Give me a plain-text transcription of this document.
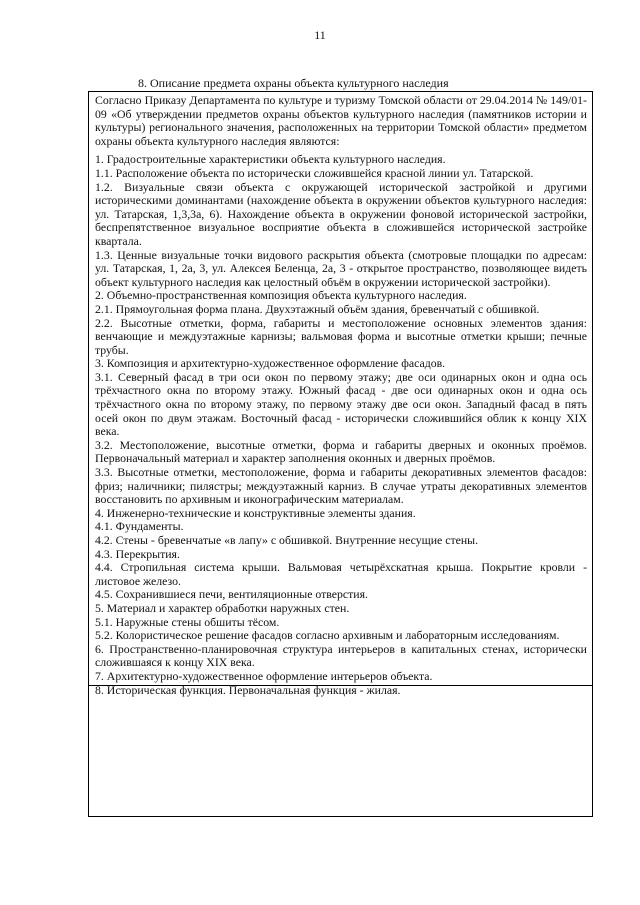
11
8. Описание предмета охраны объекта культурного наследия

Согласно Приказу Департамента по культуре и туризму Томской области от 29.04.2014 № 149/01-09 «Об утверждении предметов охраны объектов культурного наследия (памятников истории и культуры) регионального значения, расположенных на территории Томской области» предметом охраны объекта культурного наследия являются:

1. Градостроительные характеристики объекта культурного наследия.

1.1. Расположение объекта по исторически сложившейся красной линии ул. Татарской.

1.2. Визуальные связи объекта с окружающей исторической застройкой и другими историческими доминантами (нахождение объекта в окружении объектов культурного наследия: ул. Татарская, 1,3,3а, 6). Нахождение объекта в окружении фоновой исторической застройки, беспрепятственное визуальное восприятие объекта в сложившейся исторической застройке квартала.

1.3. Ценные визуальные точки видового раскрытия объекта (смотровые площадки по адресам: ул. Татарская, 1, 2а, 3, ул. Алексея Беленца, 2а, 3 - открытое пространство, позволяющее видеть объект культурного наследия как целостный объём в окружении исторической застройки).

2. Объемно-пространственная композиция объекта культурного наследия.

2.1. Прямоугольная форма плана. Двухэтажный объём здания, бревенчатый с обшивкой.

2.2. Высотные отметки, форма, габариты и местоположение основных элементов здания: венчающие и междуэтажные карнизы; вальмовая форма и высотные отметки крыши; печные трубы.

3. Композиция и архитектурно-художественное оформление фасадов.

3.1. Северный фасад в три оси окон по первому этажу; две оси одинарных окон и одна ось трёхчастного окна по второму этажу. Южный фасад - две оси одинарных окон и одна ось трёхчастного окна по второму этажу, по первому этажу две оси окон. Западный фасад в пять осей окон по двум этажам. Восточный фасад - исторически сложившийся облик к концу XIX века.

3.2. Местоположение, высотные отметки, форма и габариты дверных и оконных проёмов. Первоначальный материал и характер заполнения оконных и дверных проёмов.

3.3. Высотные отметки, местоположение, форма и габариты декоративных элементов фасадов: фриз; наличники; пилястры; междуэтажный карниз. В случае утраты декоративных элементов восстановить по архивным и иконографическим материалам.

4. Инженерно-технические и конструктивные элементы здания.

4.1. Фундаменты.

4.2. Стены - бревенчатые «в лапу» с обшивкой. Внутренние несущие стены.

4.3. Перекрытия.

4.4. Стропильная система крыши. Вальмовая четырёхскатная крыша. Покрытие кровли - листовое железо.

4.5. Сохранившиеся печи, вентиляционные отверстия.

5. Материал и характер обработки наружных стен.

5.1. Наружные стены обшиты тёсом.

5.2. Колористическое решение фасадов согласно архивным и лабораторным исследованиям.

6. Пространственно-планировочная структура интерьеров в капитальных стенах, исторически сложившаяся к концу XIX века.

7. Архитектурно-художественное оформление интерьеров объекта.

8. Историческая функция. Первоначальная функция - жилая.
